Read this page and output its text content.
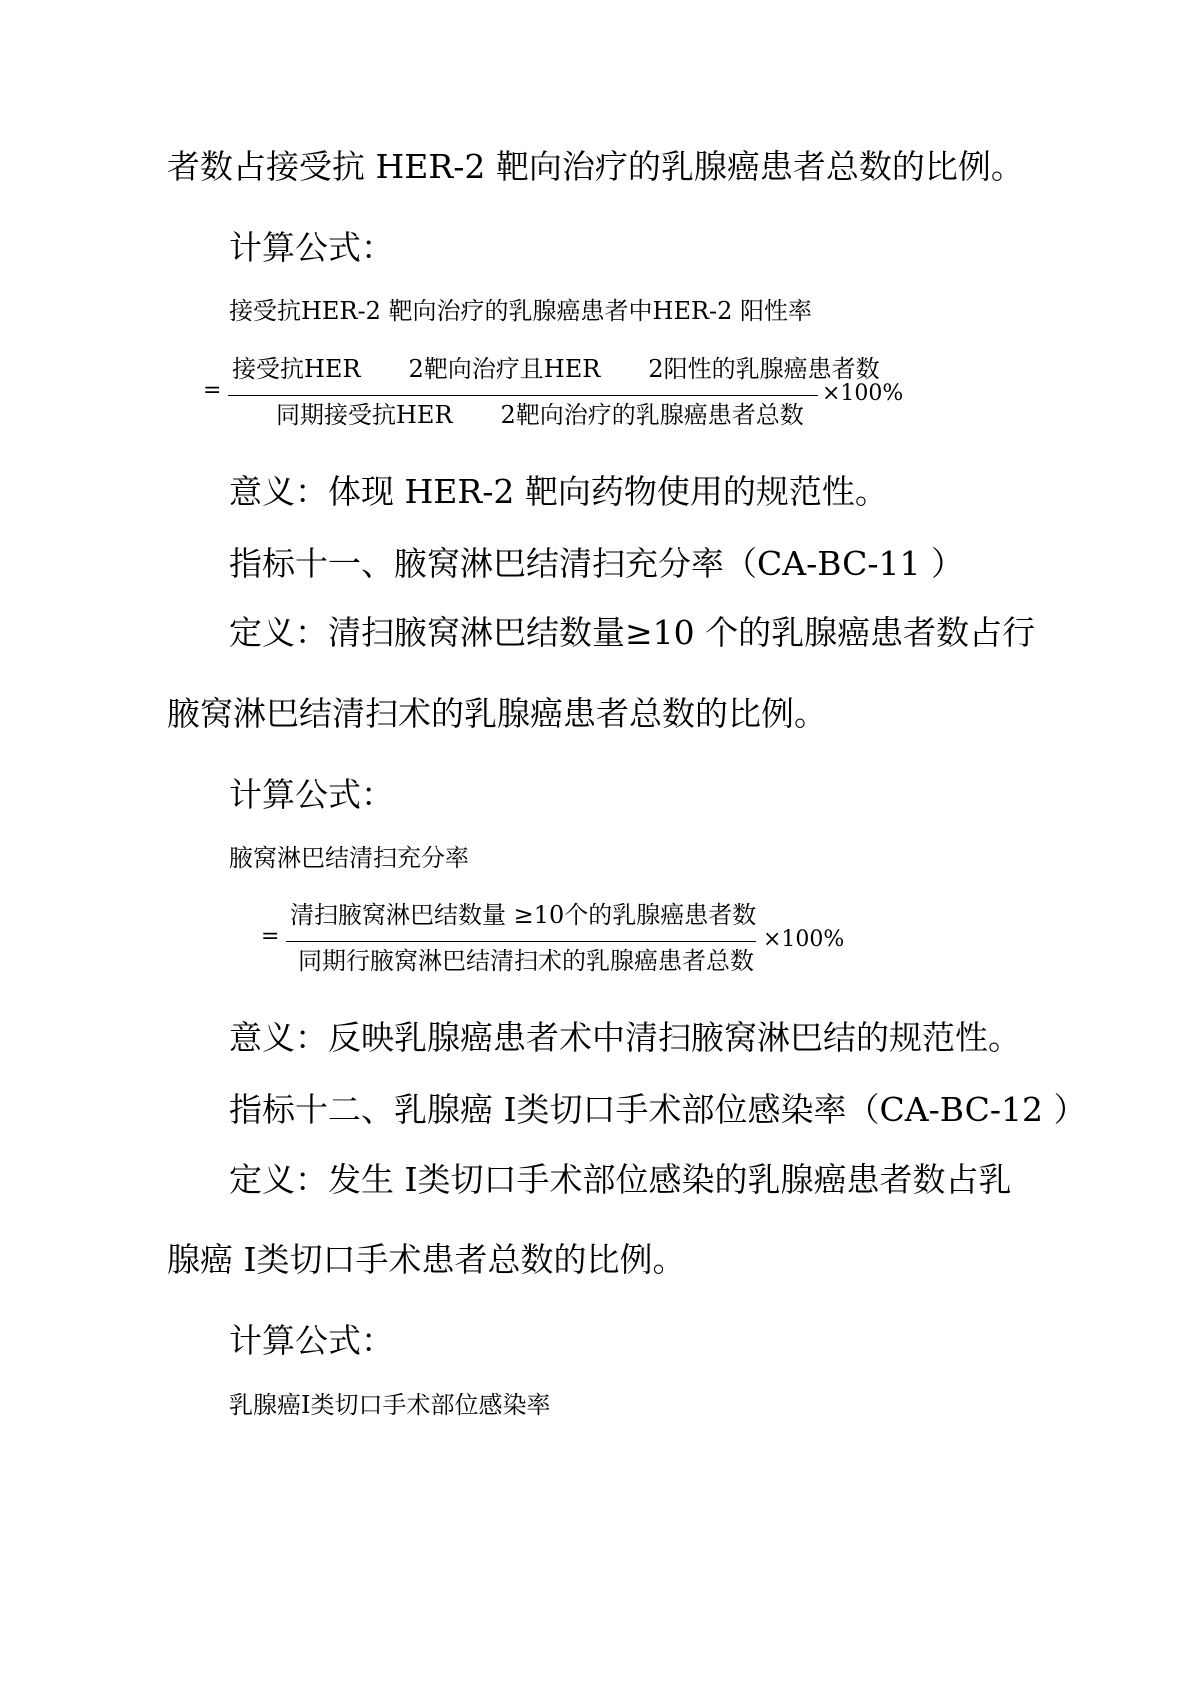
者数占接受抗 HER-2 靶向治疗的乳腺癌患者总数的比例。
计算公式：
接受抗HER-2 靶向治疗的乳腺癌患者中HER-2 阳性率
=
接受抗HER　　2靶向治疗且HER　　2阳性的乳腺癌患者数
同期接受抗HER　　2靶向治疗的乳腺癌患者总数
×100%
意义：体现 HER-2 靶向药物使用的规范性。
指标十一、腋窝淋巴结清扫充分率（CA-BC-11 ）
定义：清扫腋窝淋巴结数量≥10 个的乳腺癌患者数占行
腋窝淋巴结清扫术的乳腺癌患者总数的比例。
计算公式：
腋窝淋巴结清扫充分率
=
清扫腋窝淋巴结数量 ≥10个的乳腺癌患者数
同期行腋窝淋巴结清扫术的乳腺癌患者总数
×100%
意义：反映乳腺癌患者术中清扫腋窝淋巴结的规范性。
指标十二、乳腺癌 I类切口手术部位感染率（CA-BC-12 ）
定义：发生 I类切口手术部位感染的乳腺癌患者数占乳
腺癌 I类切口手术患者总数的比例。
计算公式：
乳腺癌I类切口手术部位感染率
